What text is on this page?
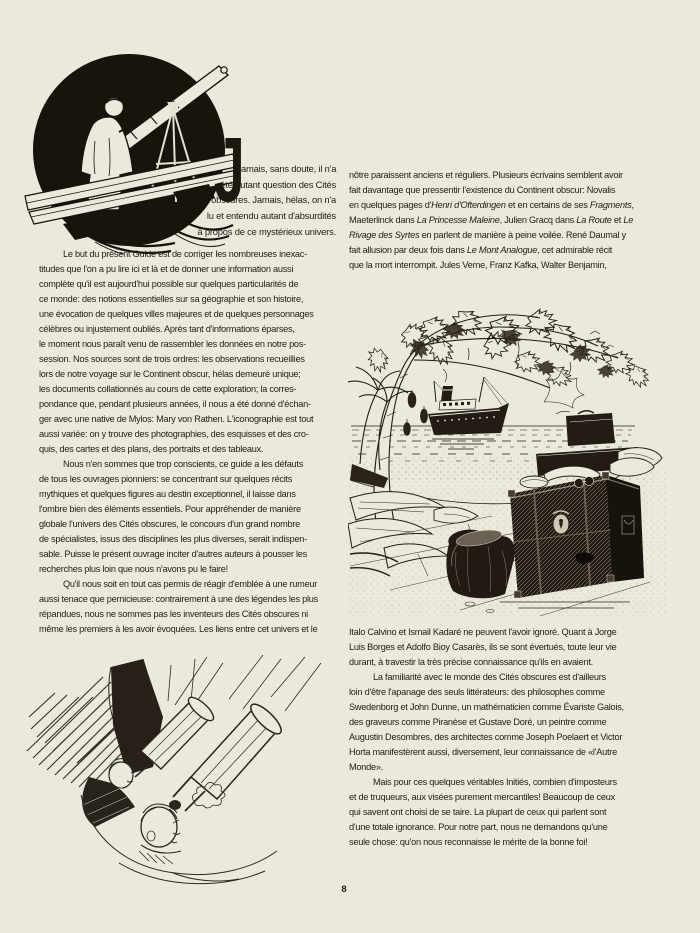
J
amais, sans doute, il n'a
été autant question des Cités
obscures. Jamais, hélas, on n'a
lu et entendu autant d'absurdités
à propos de ce mystérieux univers.
Le but du présent Guide est de corriger les nombreuses inexac-
titudes que l'on a pu lire ici et là et de donner une information aussi
complète qu'il est aujourd'hui possible sur quelques particularités de
ce monde: des notions essentielles sur sa géographie et son histoire,
une évocation de quelques villes majeures et de quelques personnages
célèbres ou injustement oubliés. Après tant d'informations éparses,
le moment nous paraît venu de rassembler les données en notre pos-
session. Nos sources sont de trois ordres: les observations recueillies
lors de notre voyage sur le Continent obscur, hélas demeuré unique;
les documents collationnés au cours de cette exploration; la corres-
pondance que, pendant plusieurs années, il nous a été donné d'échan-
ger avec une native de Mylos: Mary von Rathen. L'iconographie est tout
aussi variée: on y trouve des photographies, des esquisses et des cro-
quis, des cartes et des plans, des portraits et des tableaux.
Nous n'en sommes que trop conscients, ce guide a les défauts
de tous les ouvrages pionniers: se concentrant sur quelques récits
mythiques et quelques figures au destin exceptionnel, il laisse dans
l'ombre bien des éléments essentiels. Pour appréhender de manière
globale l'univers des Cités obscures, le concours d'un grand nombre
de spécialistes, issus des disciplines les plus diverses, serait indispen-
sable. Puisse le présent ouvrage inciter d'autres auteurs à pousser les
recherches plus loin que nous n'avons pu le faire!
Qu'il nous soit en tout cas permis de réagir d'emblée à une rumeur
aussi tenace que pernicieuse: contrairement à une des légendes les plus
répandues, nous ne sommes pas les inventeurs des Cités obscures ni
même les premiers à les avoir évoquées. Les liens entre cet univers et le
nôtre paraissent anciens et réguliers. Plusieurs écrivains semblent avoir
fait davantage que pressentir l'existence du Continent obscur: Novalis
en quelques pages d'Henri d'Ofterdingen et en certains de ses Fragments,
Maeterlinck dans La Princesse Maleine, Julien Gracq dans La Route et Le
Rivage des Syrtes en parlent de manière à peine voilée. René Daumal y
fait allusion par deux fois dans Le Mont Analogue, cet admirable récit
que la mort interrompit. Jules Verne, Franz Kafka, Walter Benjamin,
Italo Calvino et Ismail Kadaré ne peuvent l'avoir ignoré. Quant à Jorge
Luis Borges et Adolfo Bioy Casarès, ils se sont évertués, toute leur vie
durant, à travestir la très précise connaissance qu'ils en avaient.
La familiarité avec le monde des Cités obscures est d'ailleurs
loin d'être l'apanage des seuls littérateurs: des philosophes comme
Swedenborg et John Dunne, un mathématicien comme Évariste Galois,
des graveurs comme Piranèse et Gustave Doré, un peintre comme
Augustin Desombres, des architectes comme Joseph Poelaert et Victor
Horta manifestèrent aussi, diversement, leur connaissance de «l'Autre
Monde».
Mais pour ces quelques véritables Initiés, combien d'imposteurs
et de truqueurs, aux visées purement mercantiles! Beaucoup de ceux
qui savent ont choisi de se taire. La plupart de ceux qui parlent sont
d'une totale ignorance. Pour notre part, nous ne demandons qu'une
seule chose: qu'on nous reconnaisse le mérite de la bonne foi!
8
